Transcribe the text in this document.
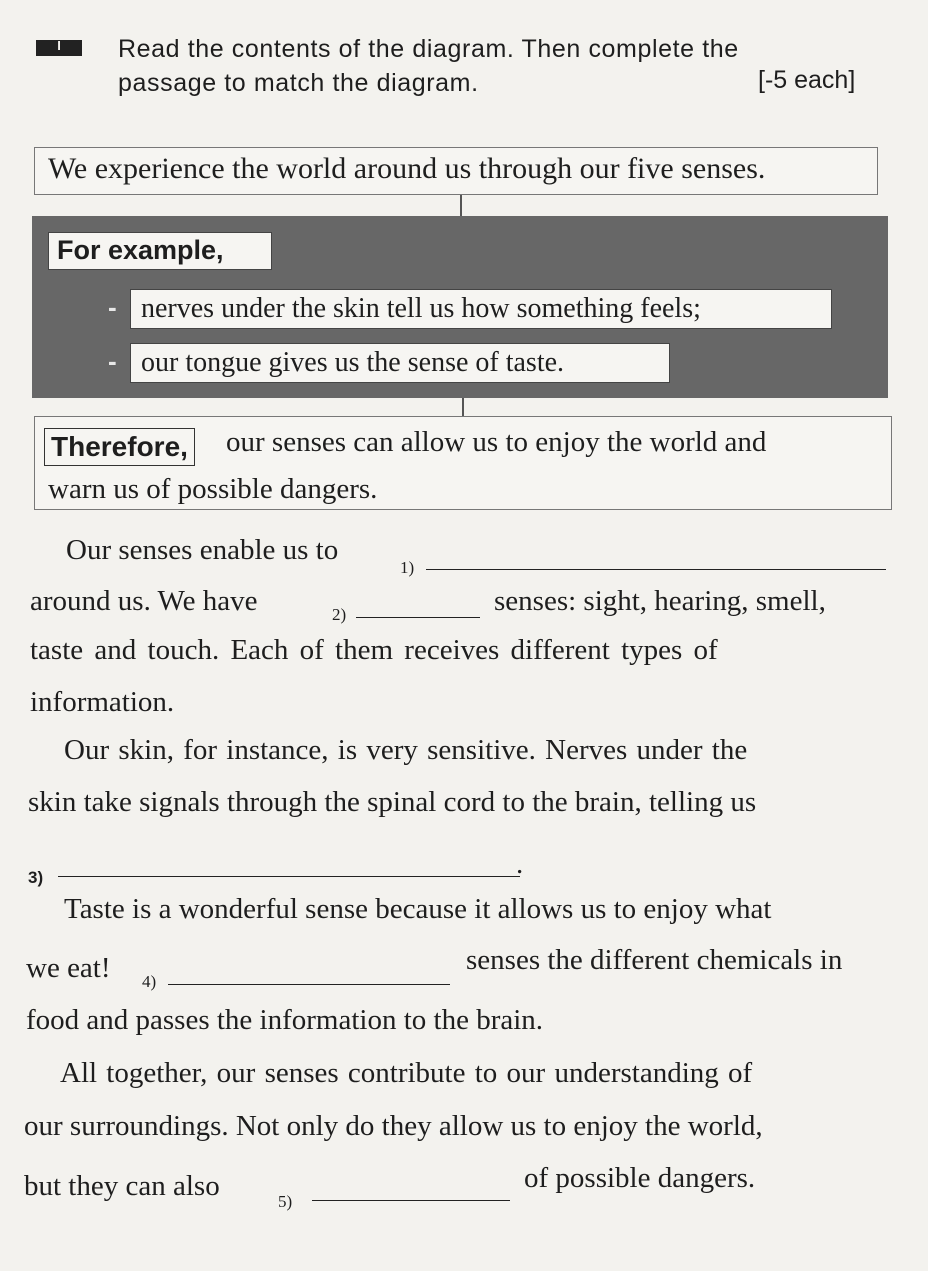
I	Read the contents of the diagram. Then complete the
passage to match the diagram.	[-5 each]
We experience the world around us through our five senses.
For example,
- nerves under the skin tell us how something feels;
- our tongue gives us the sense of taste.
Therefore, our senses can allow us to enjoy the world and
warn us of possible dangers.
Our senses enable us to
1)
around us. We have	2)	senses: sight, hearing, smell,
taste and touch. Each of them receives different types of
information.
Our skin, for instance, is very sensitive. Nerves under the
skin take signals through the spinal cord to the brain, telling us
3)	.
Taste is a wonderful sense because it allows us to enjoy what
we eat! 4)
senses the different chemicals in
food and passes the information to the brain.
All together, our senses contribute to our understanding of
our surroundings. Not only do they allow us to enjoy the world,
but they can also	5)
of possible dangers.
